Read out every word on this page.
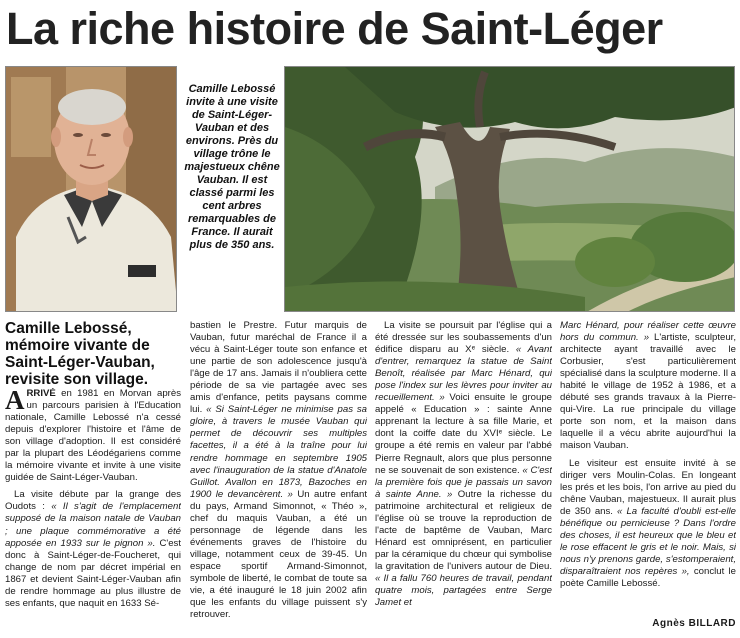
La riche histoire de Saint-Léger
Camille Lebossé invite à une visite de Saint-Léger-Vauban et des environs. Près du village trône le majestueux chêne Vauban. Il est classé parmi les cent arbres remarquables de France. Il aurait plus de 350 ans.
Camille Lebossé, mémoire vivante de Saint-Léger-Vauban, revisite son village.

ARRIVÉ en 1981 en Morvan après un parcours parisien à l'Education nationale, Camille Lebossé n'a cessé depuis d'explorer l'histoire et l'âme de son village d'adoption. Il est considéré par la plupart des Léodégariens comme la mémoire vivante et invite à une visite guidée de Saint-Léger-Vauban.

La visite débute par la grange des Oudots : « Il s'agit de l'emplacement supposé de la maison natale de Vauban ; une plaque commémorative a été apposée en 1933 sur le pignon ». C'est donc à Saint-Léger-de-Foucheret, qui change de nom par décret impérial en 1867 et devient Saint-Léger-Vauban afin de rendre hommage au plus illustre de ses enfants, que naquit en 1633 Sé-

bastien le Prestre. Futur marquis de Vauban, futur maréchal de France il a vécu à Saint-Léger toute son enfance et une partie de son adolescence jusqu'à l'âge de 17 ans. Jamais il n'oubliera cette période de sa vie partagée avec ses amis d'enfance, petits paysans comme lui. « Si Saint-Léger ne minimise pas sa gloire, à travers le musée Vauban qui permet de découvrir ses multiples facettes, il a été à la traîne pour lui rendre hommage en septembre 1905 avec l'inauguration de la statue d'Anatole Guillot. Avallon en 1873, Bazoches en 1900 le devancèrent. » Un autre enfant du pays, Armand Simonnot, « Théo », chef du maquis Vauban, a été un personnage de légende dans les événements graves de l'histoire du village, notamment ceux de 39-45. Un espace sportif Armand-Simonnot, symbole de liberté, le combat de toute sa vie, a été inauguré le 18 juin 2002 afin que les enfants du village puissent s'y retrouver.

La visite se poursuit par l'église qui a été dressée sur les soubassements d'un édifice disparu au Xᵉ siècle. « Avant d'entrer, remarquez la statue de Saint Benoît, réalisée par Marc Hénard, qui pose l'index sur les lèvres pour inviter au recueillement. » Voici ensuite le groupe appelé « Education » : sainte Anne apprenant la lecture à sa fille Marie, et dont la coiffe date du XVIᵉ siècle. Le groupe a été remis en valeur par l'abbé Pierre Regnault, alors que plus personne ne se souvenait de son existence. « C'est la première fois que je passais un savon à sainte Anne. » Outre la richesse du patrimoine architectural et religieux de l'église où se trouve la reproduction de l'acte de baptême de Vauban, Marc Hénard est omniprésent, en particulier par la céramique du chœur qui symbolise la gravitation de l'univers autour de Dieu. « Il a fallu 760 heures de travail, pendant quatre mois, partagées entre Serge Jamet et

Marc Hénard, pour réaliser cette œuvre hors du commun. » L'artiste, sculpteur, architecte ayant travaillé avec le Corbusier, s'est particulièrement spécialisé dans la sculpture moderne. Il a habité le village de 1952 à 1986, et a débuté ses grands travaux à la Pierre-qui-Vire. La rue principale du village porte son nom, et la maison dans laquelle il a vécu abrite aujourd'hui la maison Vauban.

Le visiteur est ensuite invité à se diriger vers Moulin-Colas. En longeant les prés et les bois, l'on arrive au pied du chêne Vauban, majestueux. Il aurait plus de 350 ans. « La faculté d'oubli est-elle bénéfique ou pernicieuse ? Dans l'ordre des choses, il est heureux que le bleu et le rose effacent le gris et le noir. Mais, si nous n'y prenons garde, s'estomperaient, disparaîtraient nos repères », conclut le poète Camille Lebossé.

Agnès BILLARD
